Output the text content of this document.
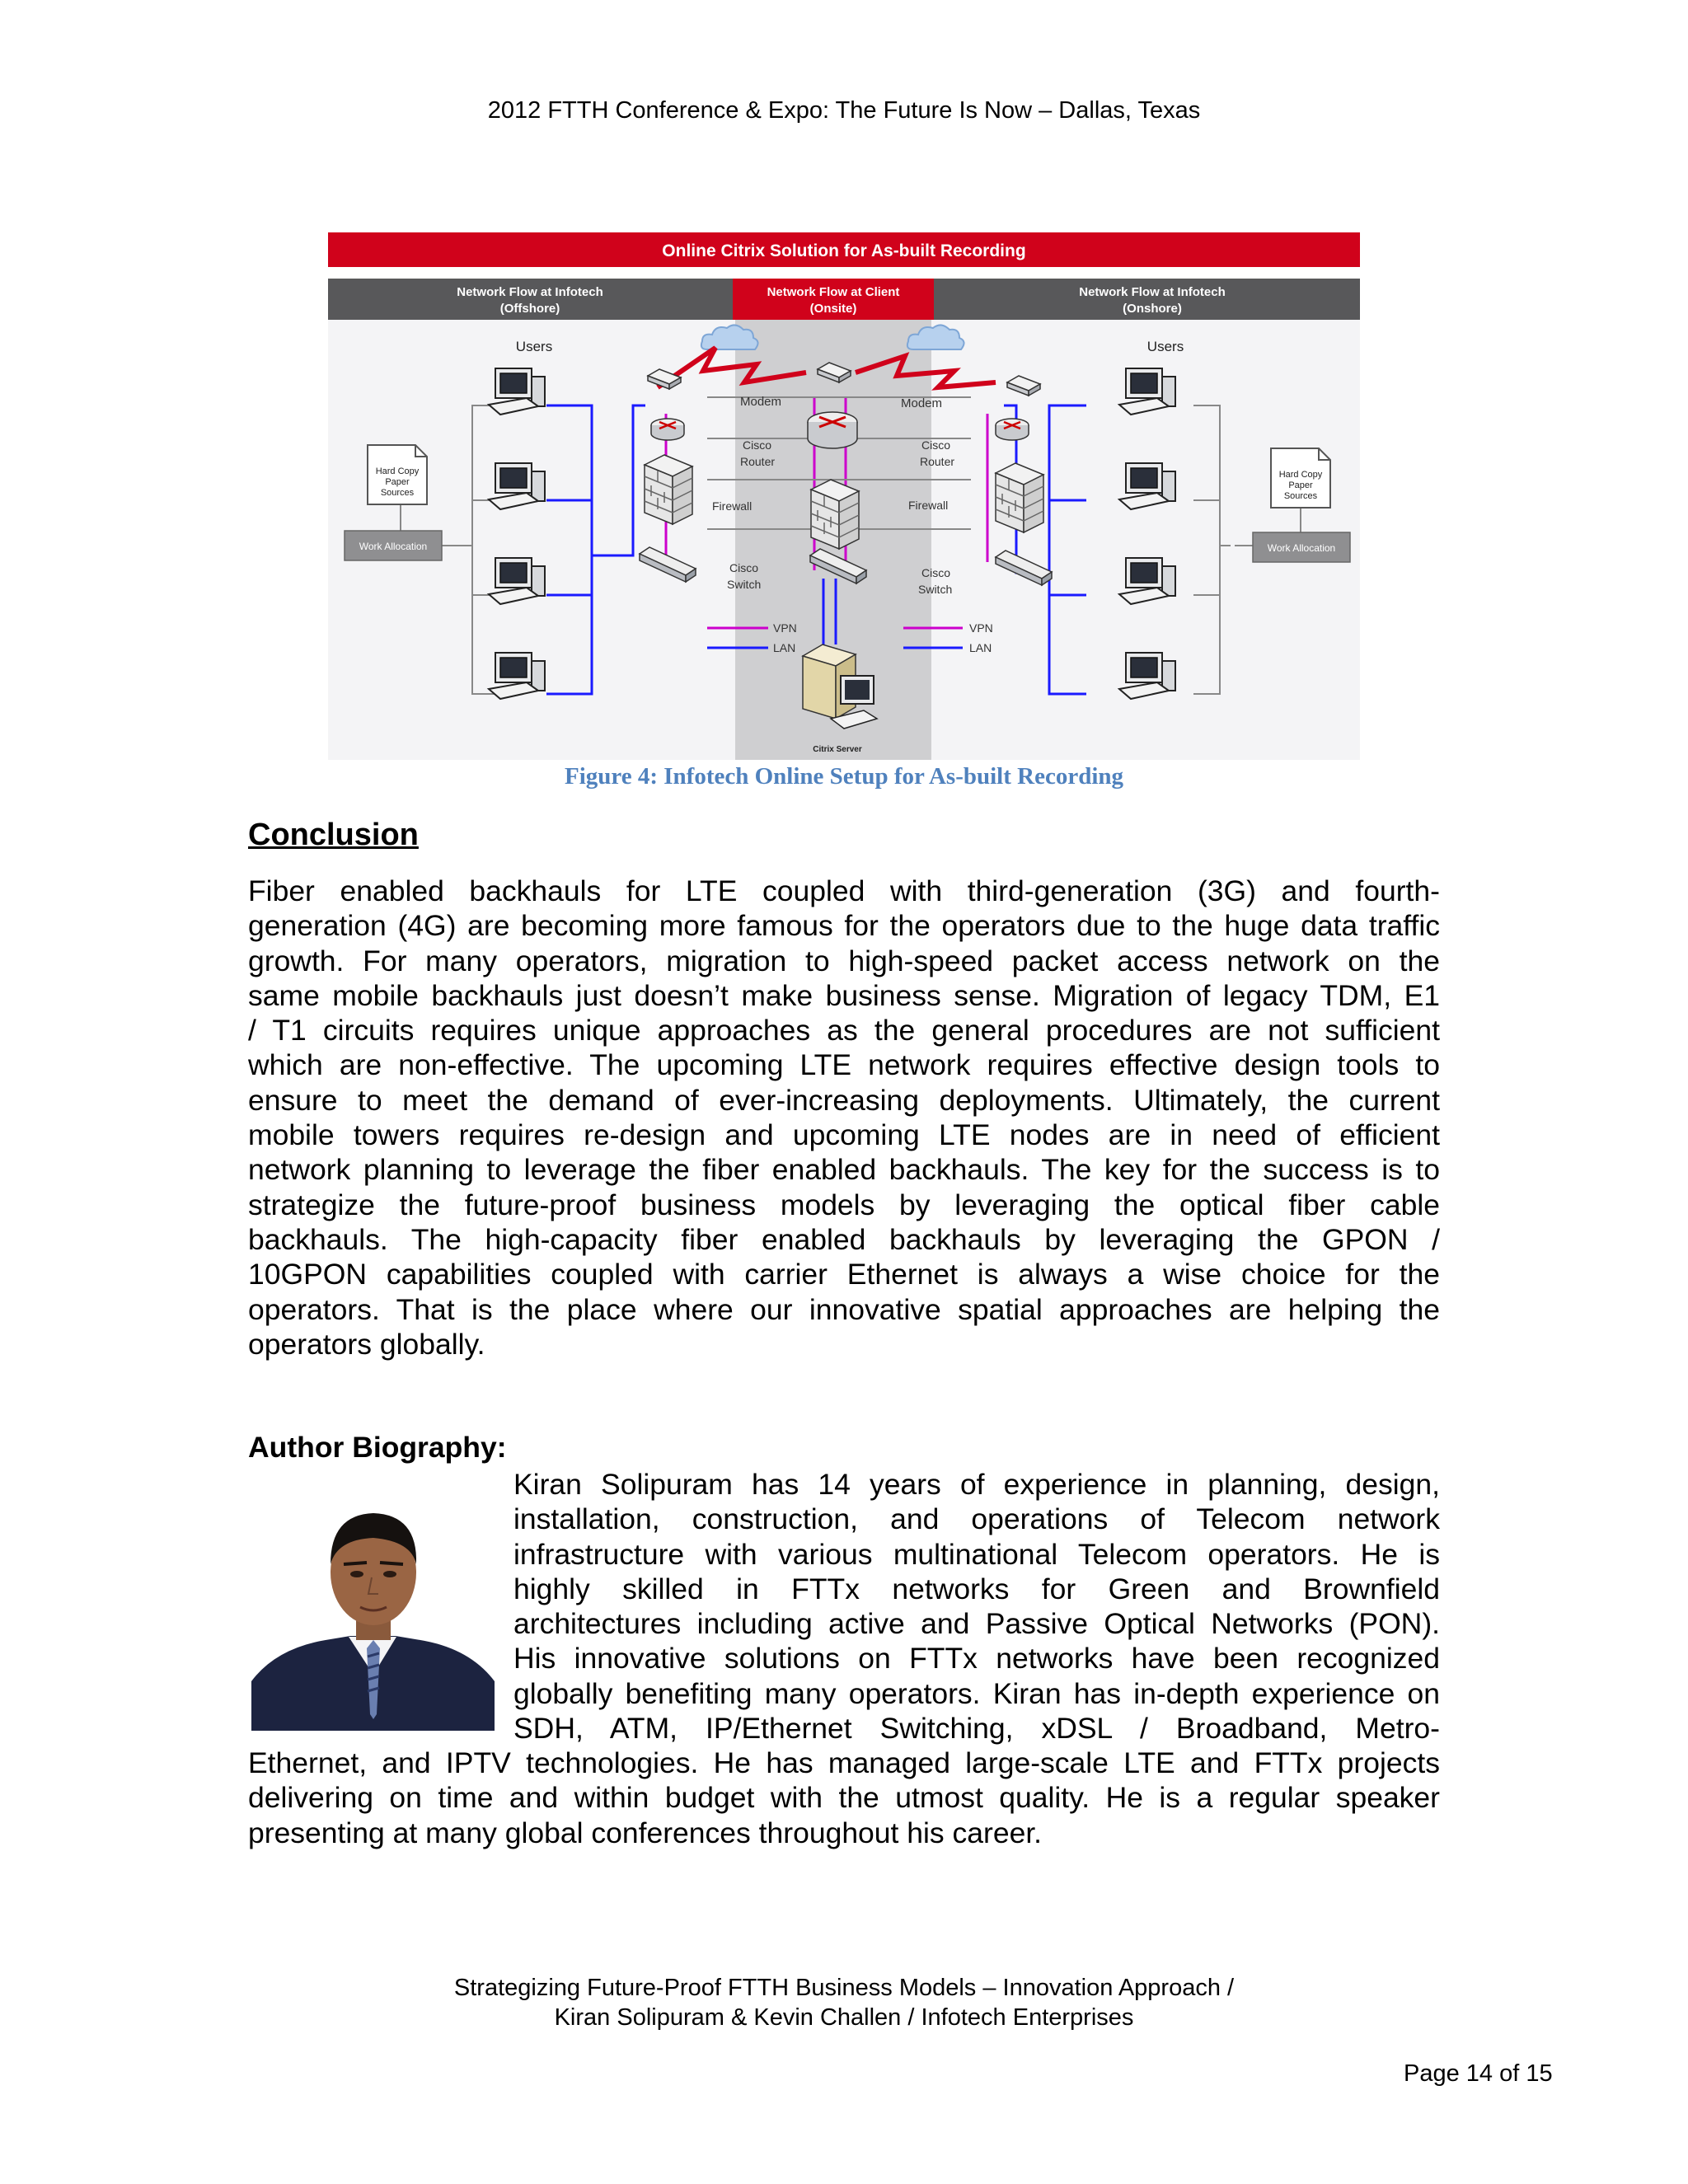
2012 FTTH Conference & Expo: The Future Is Now – Dallas, Texas
Online Citrix Solution for As-built Recording
Network Flow at Infotech
(Offshore)
Network Flow at Client
(Onsite)
Network Flow at Infotech
(Onshore)
Users	Users
Hard Copy
Paper
Sources
Work Allocation
Hard Copy
Paper
Sources
Work Allocation
Modem	Modem
Cisco
Router
Cisco
Router
Firewall	Firewall
Cisco
Switch
Cisco
Switch
VPN
LAN
VPN
LAN
Citrix Server
Figure 4: Infotech Online Setup for As-built Recording
Conclusion
Fiber enabled backhauls for LTE coupled with third-generation (3G) and fourth-
generation (4G) are becoming more famous for the operators due to the huge data traffic
growth. For many operators, migration to high-speed packet access network on the
same mobile backhauls just doesn’t make business sense. Migration of legacy TDM, E1
/ T1 circuits requires unique approaches as the general procedures are not sufficient
which are non-effective. The upcoming LTE network requires effective design tools to
ensure to meet the demand of ever-increasing deployments. Ultimately, the current
mobile towers requires re-design and upcoming LTE nodes are in need of efficient
network planning to leverage the fiber enabled backhauls. The key for the success is to
strategize the future-proof business models by leveraging the optical fiber cable
backhauls. The high-capacity fiber enabled backhauls by leveraging the GPON /
10GPON capabilities coupled with carrier Ethernet is always a wise choice for the
operators. That is the place where our innovative spatial approaches are helping the
operators globally.
Author Biography:
Kiran Solipuram has 14 years of experience in planning, design,
installation, construction, and operations of Telecom network
infrastructure with various multinational Telecom operators. He is
highly skilled in FTTx networks for Green and Brownfield
architectures including active and Passive Optical Networks (PON).
His innovative solutions on FTTx networks have been recognized
globally benefiting many operators. Kiran has in-depth experience on
SDH, ATM, IP/Ethernet Switching, xDSL / Broadband, Metro-
Ethernet, and IPTV technologies. He has managed large-scale LTE and FTTx projects
delivering on time and within budget with the utmost quality. He is a regular speaker
presenting at many global conferences throughout his career.
Strategizing Future-Proof FTTH Business Models – Innovation Approach /
Kiran Solipuram & Kevin Challen / Infotech Enterprises
Page 14 of 15
